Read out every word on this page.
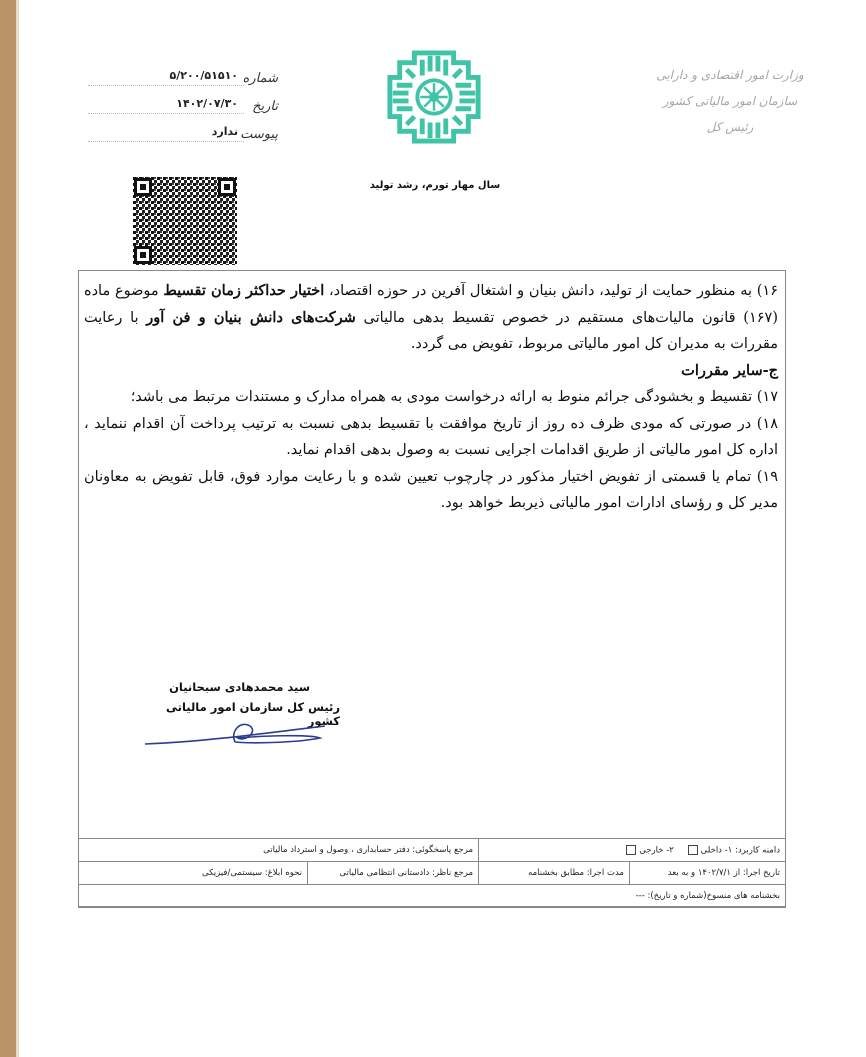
شماره
۵/۲۰۰/۵۱۵۱۰
تاریخ
۱۴۰۲/۰۷/۳۰
پیوست
ندارد
سال مهار تورم، رشد تولید
وزارت امور اقتصادی و دارایی
سازمان امور مالیاتی کشور
رئیس کل

۱۶) به منظور حمایت از تولید، دانش بنیان و اشتغال آفرین در حوزه اقتصاد، اختیار حداکثر زمان تقسیط موضوع ماده (۱۶۷) قانون مالیات‌های مستقیم در خصوص تقسیط بدهی مالیاتی شرکت‌های دانش بنیان و فن آور با رعایت مقررات به مدیران کل امور مالیاتی مربوط، تفویض می گردد.

ج-سایر مقررات

۱۷) تقسیط و بخشودگی جرائم منوط به ارائه درخواست مودی به همراه مدارک و مستندات مرتبط می باشد؛

۱۸) در صورتی که مودی ظرف ده روز از تاریخ موافقت با تقسیط بدهی نسبت به ترتیب پرداخت آن اقدام ننماید ، اداره کل امور مالیاتی از طریق اقدامات اجرایی نسبت به وصول بدهی اقدام نماید.

۱۹) تمام یا قسمتی از تفویض اختیار مذکور در چارچوب تعیین شده و با رعایت موارد فوق، قابل تفویض به معاونان مدیر کل و رؤسای ادارات امور مالیاتی ذیربط خواهد بود.

سید محمدهادی سبحانیان
رئیس کل سازمان امور مالیاتی کشور
دامنه کاربرد: ۱- داخلی    ۲- خارجی		مرجع پاسخگوئی: دفتر حسابداری ، وصول و استرداد مالیاتی	
تاریخ اجرا: از ۱۴۰۲/۷/۱ و به بعد	مدت اجرا: مطابق بخشنامه	مرجع ناظر: دادستانی انتظامی مالیاتی	نحوه ابلاغ: سیستمی/فیزیکی
بخشنامه های منسوخ(شماره و تاریخ): ---			
